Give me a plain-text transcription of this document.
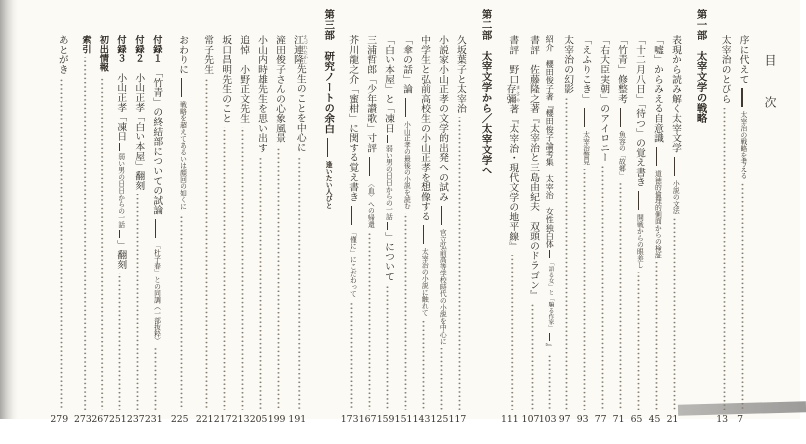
目　次
序に代えて
太宰治の戦略を考える
7
太宰治のとびら
13
第一部　太宰文学の戦略
表現から読み解く太宰文学
小説の文法
21
「嘘」からみえる自意識
道徳的倫理的側面からの検証
45
「十二月八日」「待つ」の覚え書き
開戦からの眼差し
65
「竹青」修整考
魚容の「故郷」
71
「右大臣実朝」のアイロニー
77
「えふりこき」
太宰治瞥見
93
太宰治の幻影
97
紹介　櫻田俊子著『櫻田俊子論考集　太宰治　女性独白体
「語る女」と「騙る作家」
』
103
書評　佐藤隆之著『太宰治と三島由紀夫　双頭のドラゴン』
107
書評　野口
存彌 まさや
著『太宰治・現代文学の地平線』
111
第二部　太宰文学から／太宰文学へ
久坂葉子と太宰治
117
小説家小山正孝の文学的出発への試み
官立弘前高等学校時代の小説を中心に
125
中学生と弘前高校生の小山正孝を想像する
太宰治の小説に触れて
143
「傘の話」論
小山正孝の最後の小説を読む
151
「白い本屋」と「凍日
弱い男の日日からの一話
」について
159
三浦哲郎「少年讃歌」寸評
〈血〉への帰還
167
芥川龍之介「蜜柑」に関する覚え書き
「僅に」にこだわって
173
第三部　研究ノートの余白
逢いたい人びと
江連隆 えづれたかし
先生のことを中心に
191
滻田俊子さんの心象風景
199
小山内時雄先生を思い出す
205
追悼　小野正文先生
213
坂口昌明先生のこと
217
常子先生
221
おわりに
戦略を超えてあるいは顔回の如くに
225
付録１
　「竹青」の終結部についての試論
「杜子春」との同調（一部抜粋）
231
付録２
　小山正孝「白い本屋」翻刻
237
付録３
　小山正孝「凍日
弱い男の日日からの一話
」翻刻
251
初出情報
267
索引
273
あとがき
279
